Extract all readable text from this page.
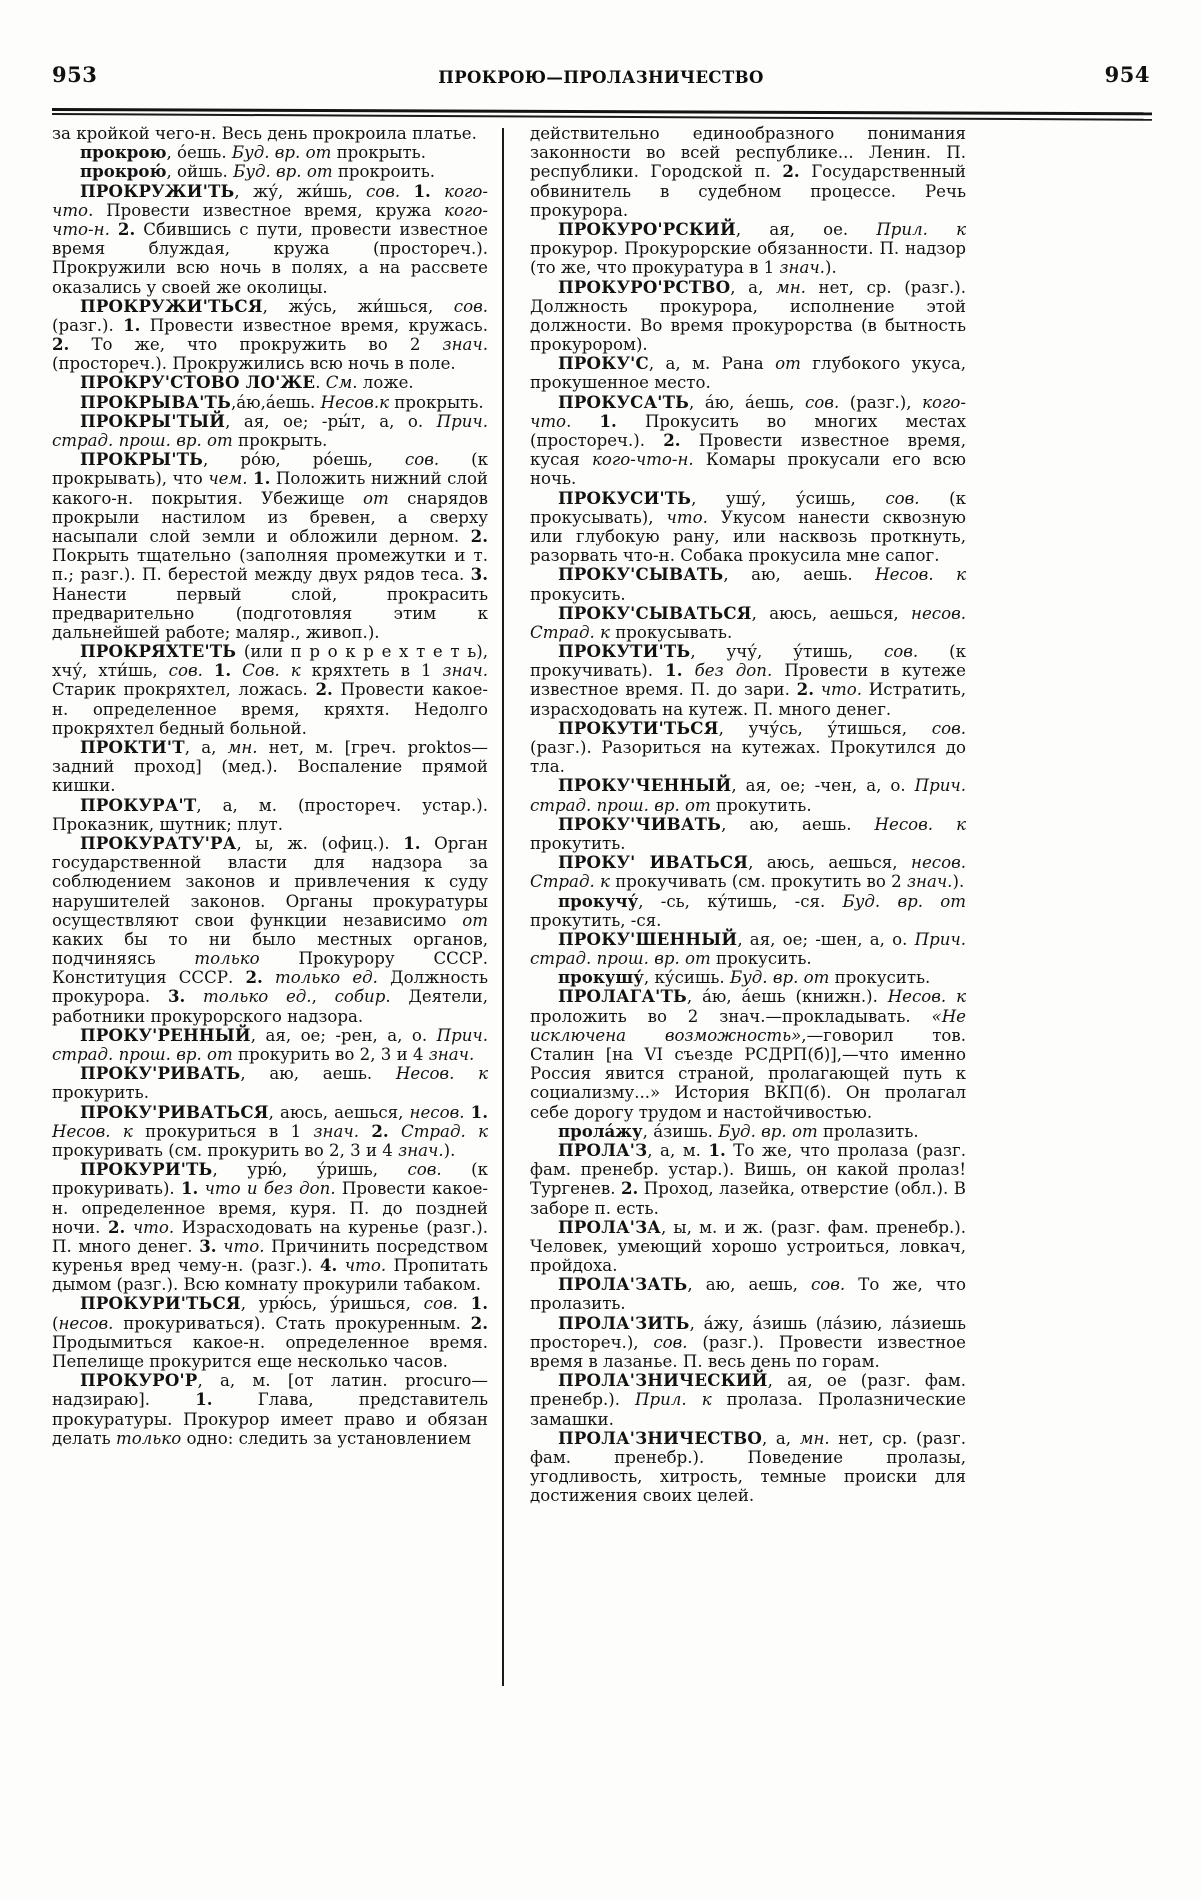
953	ПРОКРОЮ—ПРОЛАЗНИЧЕСТВО	954

за кройкой чего-н. Весь день прокроила платье.

прокрою, óешь. Буд. вр. от прокрыть.

прокрою́, ойшь. Буд. вр. от прокроить.

ПРОКРУЖИ'ТЬ, жу́, жи́шь, сов. 1. кого-что. Провести известное время, кружа кого-что-н. 2. Сбившись с пути, провести известное время блуждая, кружа (простореч.). Прокружили всю ночь в полях, а на рассвете оказались у своей же околицы.

ПРОКРУЖИ'ТЬСЯ, жу́сь, жи́шься, сов. (разг.). 1. Провести известное время, кружась. 2. То же, что прокружить во 2 знач. (простореч.). Прокружились всю ночь в поле.

ПРОКРУ'СТОВО ЛО'ЖЕ. См. ложе.

ПРОКРЫВА'ТЬ,áю,áешь. Несов.к прокрыть.

ПРОКРЫ'ТЫЙ, ая, ое; -ры́т, а, о. Прич. страд. прош. вр. от прокрыть.

ПРОКРЫ'ТЬ, ро́ю, ро́ешь, сов. (к прокрывать), что чем. 1. Положить нижний слой какого-н. покрытия. Убежище от снарядов прокрыли настилом из бревен, а сверху насыпали слой земли и обложили дерном. 2. Покрыть тщательно (заполняя промежутки и т. п.; разг.). П. берестой между двух рядов теса. 3. Нанести первый слой, прокрасить предварительно (подготовляя этим к дальнейшей работе; маляр., живоп.).

ПРОКРЯХТЕ'ТЬ (или п р о к р е х т е т ь), хчу́, хти́шь, сов. 1. Сов. к кряхтеть в 1 знач. Старик прокряхтел, ложась. 2. Провести какое-н. определенное время, кряхтя. Недолго прокряхтел бедный больной.

ПРОКТИ'Т, а, мн. нет, м. [греч. proktos— задний проход] (мед.). Воспаление прямой кишки.

ПРОКУРА'Т, а, м. (простореч. устар.). Проказник, шутник; плут.

ПРОКУРАТУ'РА, ы, ж. (офиц.). 1. Орган государственной власти для надзора за соблюдением законов и привлечения к суду нарушителей законов. Органы прокуратуры осуществляют свои функции независимо от каких бы то ни было местных органов, подчиняясь только Прокурору СССР. Конституция СССР. 2. только ед. Должность прокурора. 3. только ед., собир. Деятели, работники прокурорского надзора.

ПРОКУ'РЕННЫЙ, ая, ое; -рен, а, о. Прич. страд. прош. вр. от прокурить во 2, 3 и 4 знач.

ПРОКУ'РИВАТЬ, аю, аешь. Несов. к прокурить.

ПРОКУ'РИВАТЬСЯ, аюсь, аешься, несов. 1. Несов. к прокуриться в 1 знач. 2. Страд. к прокуривать (см. прокурить во 2, 3 и 4 знач.).

ПРОКУРИ'ТЬ, урю́, у́ришь, сов. (к прокуривать). 1. что и без доп. Провести какое-н. определенное время, куря. П. до поздней ночи. 2. что. Израсходовать на куренье (разг.). П. много денег. 3. что. Причинить посредством куренья вред чему-н. (разг.). 4. что. Пропитать дымом (разг.). Всю комнату прокурили табаком.

ПРОКУРИ'ТЬСЯ, урю́сь, у́ришься, сов. 1. (несов. прокуриваться). Стать прокуренным. 2. Продымиться какое-н. определенное время. Пепелище прокурится еще несколько часов.

ПРОКУРО'Р, а, м. [от латин. procuro—надзираю]. 1. Глава, представитель прокуратуры. Прокурор имеет право и обязан делать только одно: следить за установлением

действительно единообразного понимания законности во всей республике... Ленин. П. республики. Городской п. 2. Государственный обвинитель в судебном процессе. Речь прокурора.

ПРОКУРО'РСКИЙ, ая, ое. Прил. к прокурор. Прокурорские обязанности. П. надзор (то же, что прокуратура в 1 знач.).

ПРОКУРО'РСТВО, а, мн. нет, ср. (разг.). Должность прокурора, исполнение этой должности. Во время прокурорства (в бытность прокурором).

ПРОКУ'С, а, м. Рана от глубокого укуса, прокушенное место.

ПРОКУСА'ТЬ, áю, áешь, сов. (разг.), кого-что. 1. Прокусить во многих местах (простореч.). 2. Провести известное время, кусая кого-что-н. Комары прокусали его всю ночь.

ПРОКУСИ'ТЬ, ушу́, у́сишь, сов. (к прокусывать), что. Укусом нанести сквозную или глубокую рану, или насквозь проткнуть, разорвать что-н. Собака прокусила мне сапог.

ПРОКУ'СЫВАТЬ, аю, аешь. Несов. к прокусить.

ПРОКУ'СЫВАТЬСЯ, аюсь, аешься, несов. Страд. к прокусывать.

ПРОКУТИ'ТЬ, учу́, у́тишь, сов. (к прокучивать). 1. без доп. Провести в кутеже известное время. П. до зари. 2. что. Истратить, израсходовать на кутеж. П. много денег.

ПРОКУТИ'ТЬСЯ, учу́сь, у́тишься, сов. (разг.). Разориться на кутежах. Прокутился до тла.

ПРОКУ'ЧЕННЫЙ, ая, ое; -чен, а, о. Прич. страд. прош. вр. от прокутить.

ПРОКУ'ЧИВАТЬ, аю, аешь. Несов. к прокутить.

ПРОКУ' ИВАТЬСЯ, аюсь, аешься, несов. Страд. к прокучивать (см. прокутить во 2 знач.).

прокучу́, -сь, ку́тишь, -ся. Буд. вр. от прокутить, -ся.

ПРОКУ'ШЕННЫЙ, ая, ое; -шен, а, о. Прич. страд. прош. вр. от прокусить.

прокушу́, ку́сишь. Буд. вр. от прокусить.

ПРОЛАГА'ТЬ, áю, áешь (книжн.). Несов. к проложить во 2 знач.—прокладывать. «Не исключена возможность»,—говорил тов. Сталин [на VI съезде РСДРП(б)],—что именно Россия явится страной, пролагающей путь к социализму...» История ВКП(б). Он пролагал себе дорогу трудом и настойчивостью.

пролáжу, áзишь. Буд. вр. от пролазить.

ПРОЛА'З, а, м. 1. То же, что пролаза (разг. фам. пренебр. устар.). Вишь, он какой пролаз! Тургенев. 2. Проход, лазейка, отверстие (обл.). В заборе п. есть.

ПРОЛА'ЗА, ы, м. и ж. (разг. фам. пренебр.). Человек, умеющий хорошо устроиться, ловкач, пройдоха.

ПРОЛА'ЗАТЬ, аю, аешь, сов. То же, что пролазить.

ПРОЛА'ЗИТЬ, áжу, áзишь (ла́зию, ла́зиешь простореч.), сов. (разг.). Провести известное время в лазанье. П. весь день по горам.

ПРОЛА'ЗНИЧЕСКИЙ, ая, ое (разг. фам. пренебр.). Прил. к пролаза. Пролазнические замашки.

ПРОЛА'ЗНИЧЕСТВО, а, мн. нет, ср. (разг. фам. пренебр.). Поведение пролазы, угодливость, хитрость, темные происки для достижения своих целей.
